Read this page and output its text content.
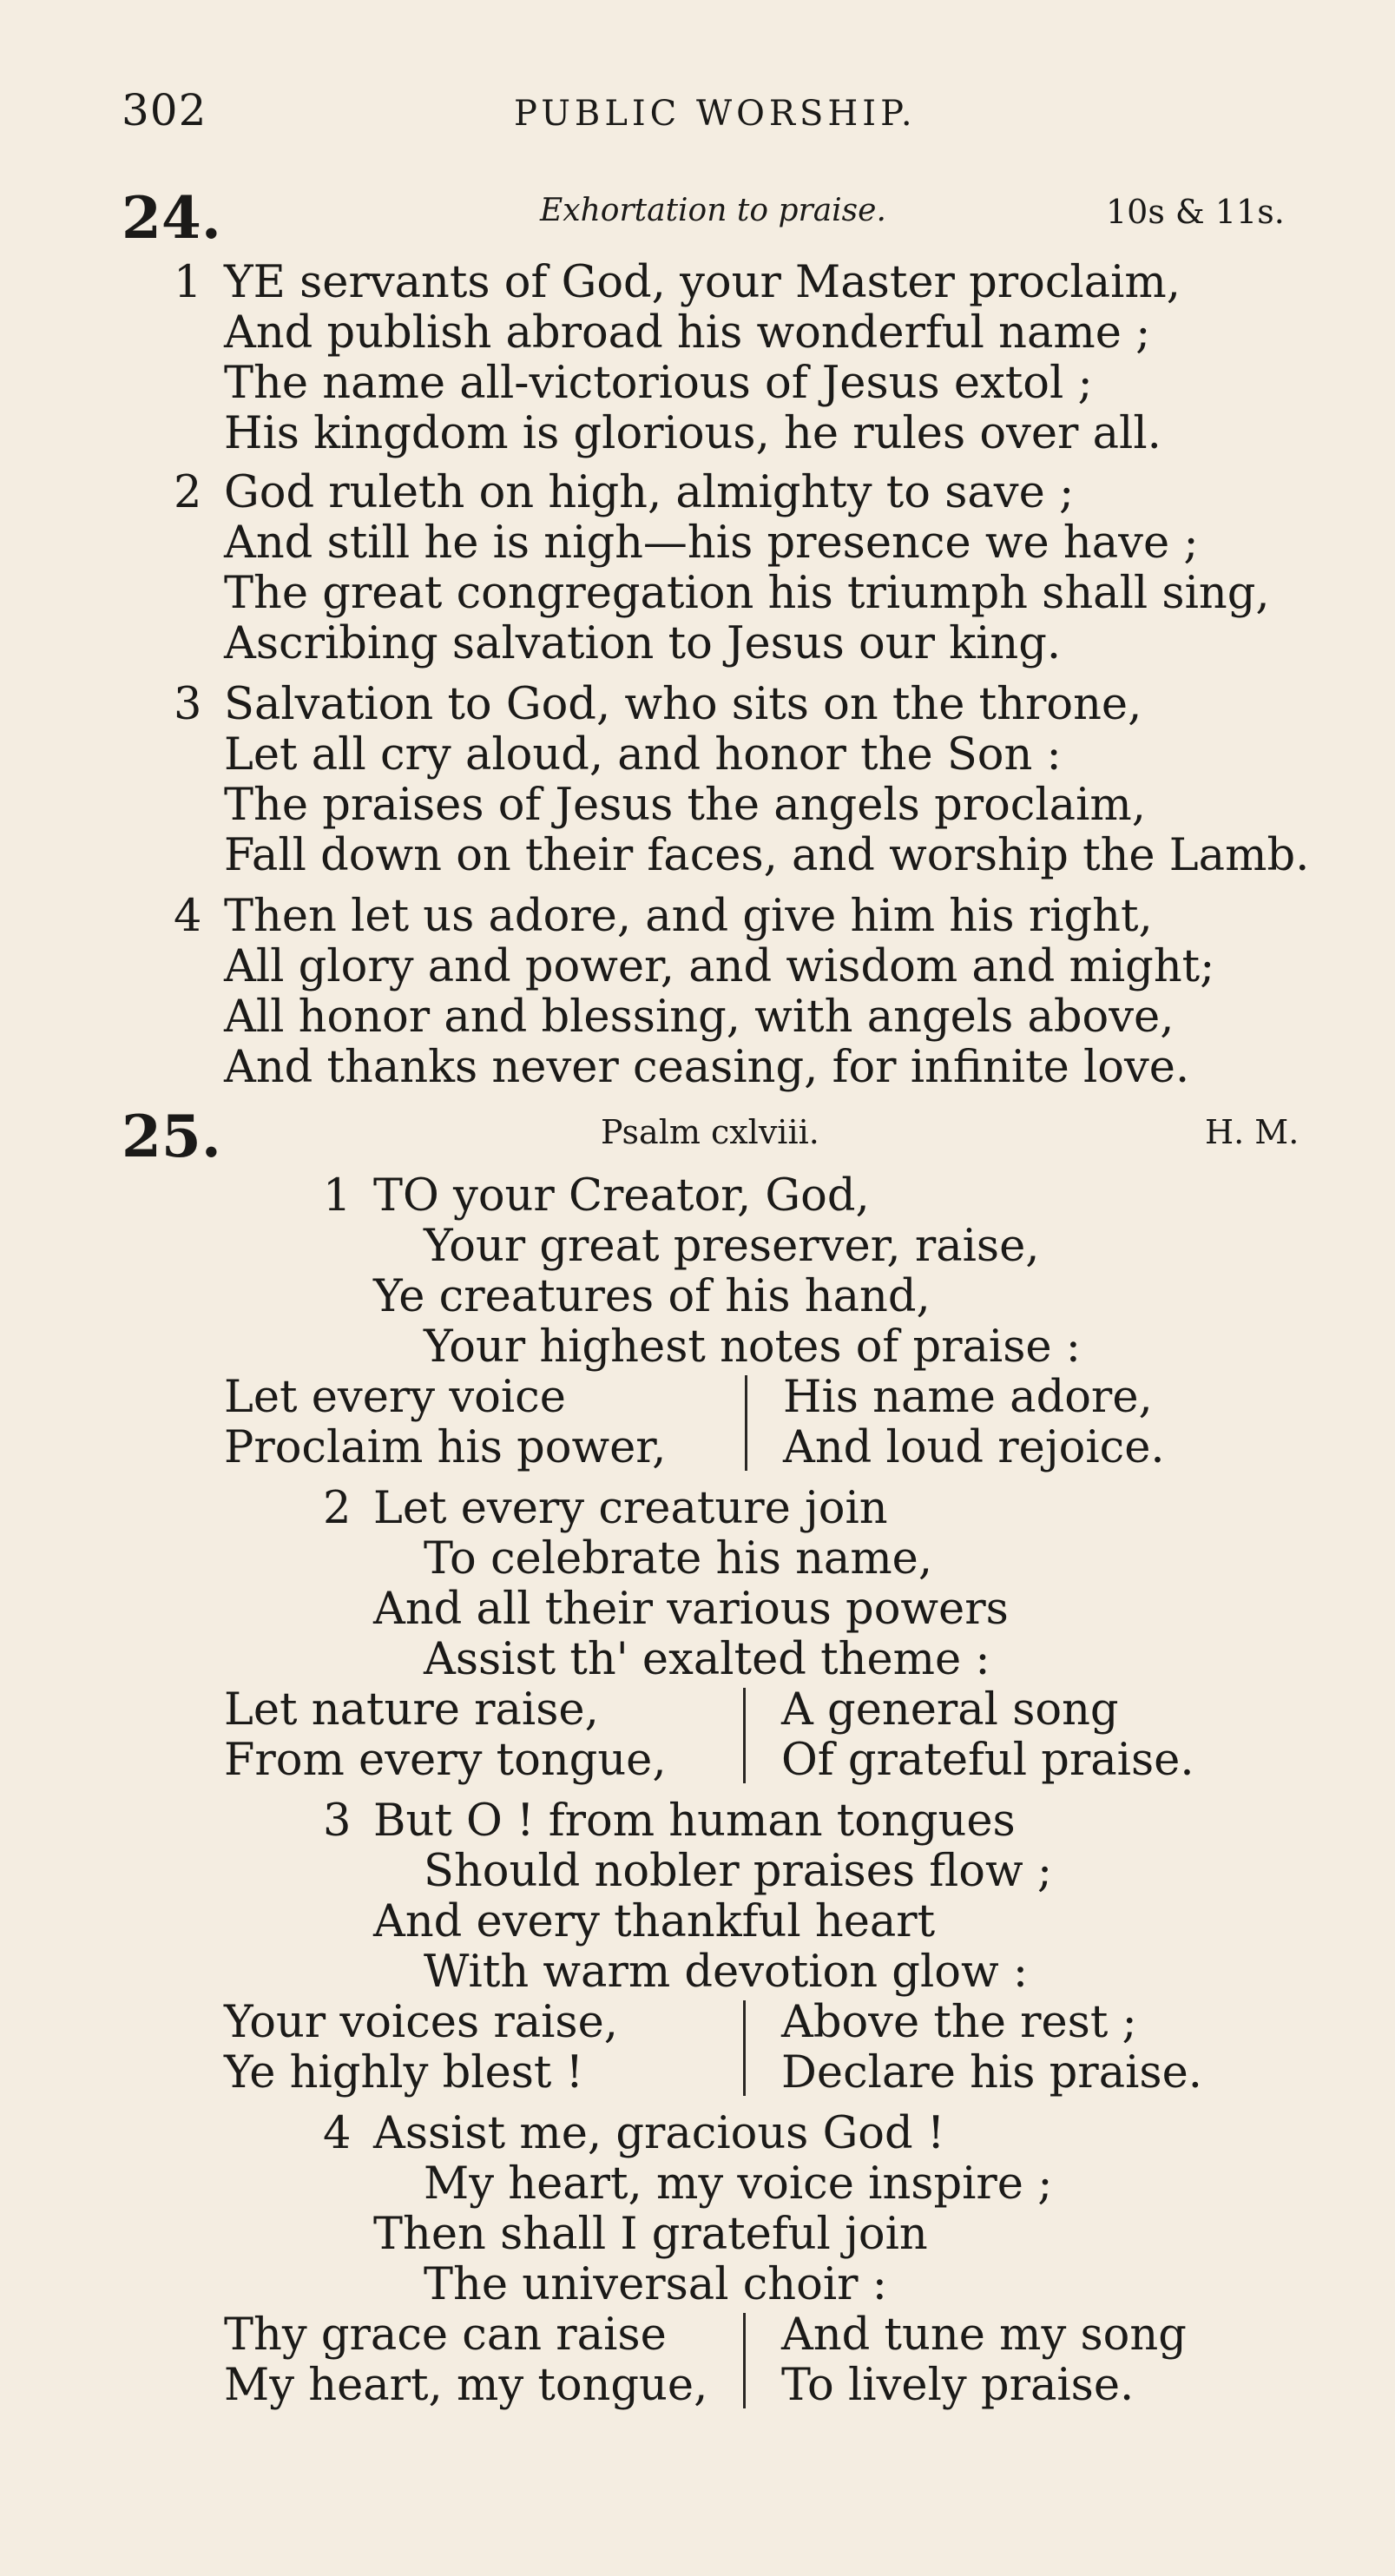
302	PUBLIC WORSHIP.
24.	Exhortation to praise.	10s & 11s.
1 YE servants of God, your Master proclaim,
And publish abroad his wonderful name ;
The name all-victorious of Jesus extol ;
His kingdom is glorious, he rules over all.
2 God ruleth on high, almighty to save ;
And still he is nigh—his presence we have ;
The great congregation his triumph shall sing,
Ascribing salvation to Jesus our king.
3 Salvation to God, who sits on the throne,
Let all cry aloud, and honor the Son :
The praises of Jesus the angels proclaim,
Fall down on their faces, and worship the Lamb.
4 Then let us adore, and give him his right,
All glory and power, and wisdom and might;
All honor and blessing, with angels above,
And thanks never ceasing, for infinite love.
25.	Psalm cxlviii.	H. M.
1 TO your Creator, God,
Your great preserver, raise,
Ye creatures of his hand,
Your highest notes of praise :
Let every voice
Proclaim his power,
His name adore,
And loud rejoice.
2 Let every creature join
To celebrate his name,
And all their various powers
Assist th' exalted theme :
Let nature raise,
From every tongue,
A general song
Of grateful praise.
3 But O ! from human tongues
Should nobler praises flow ;
And every thankful heart
With warm devotion glow :
Your voices raise,
Ye highly blest !
Above the rest ;
Declare his praise.
4 Assist me, gracious God !
My heart, my voice inspire ;
Then shall I grateful join
The universal choir :
Thy grace can raise
My heart, my tongue,
And tune my song
To lively praise.
